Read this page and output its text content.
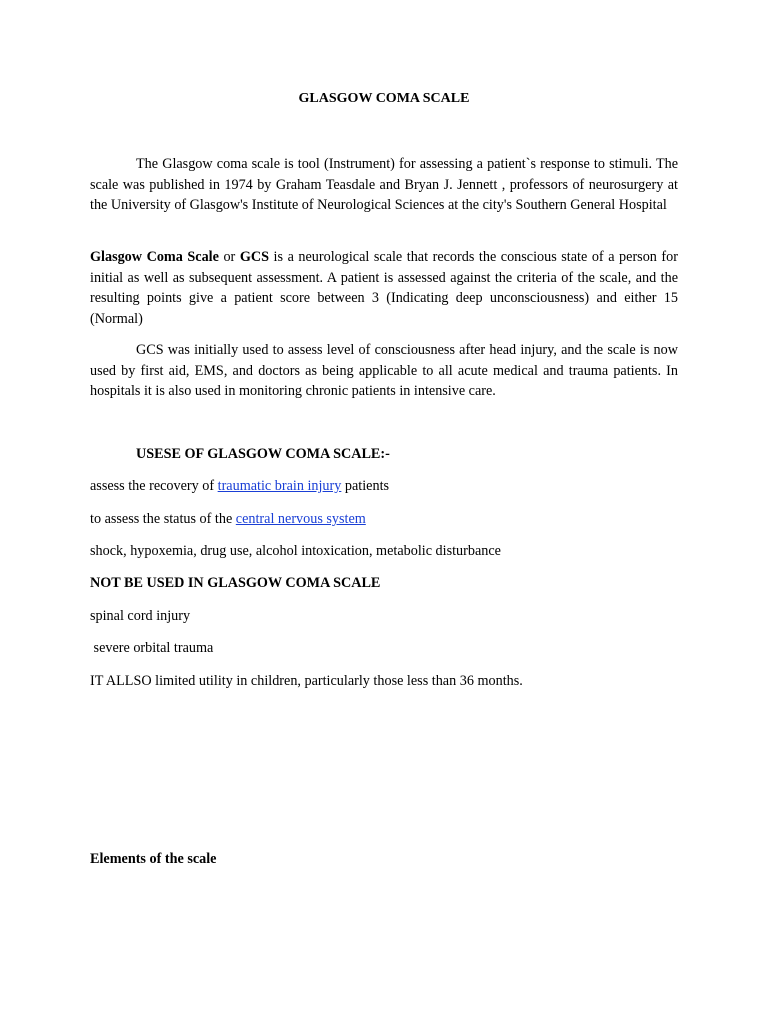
GLASGOW COMA SCALE

The Glasgow coma scale is tool (Instrument) for assessing a patient`s response to stimuli. The scale was published in 1974 by Graham Teasdale and Bryan J. Jennett , professors of neurosurgery at the University of Glasgow's Institute of Neurological Sciences at the city's Southern General Hospital

Glasgow Coma Scale or GCS is a neurological scale that records the conscious state of a person for initial as well as subsequent assessment. A patient is assessed against the criteria of the scale, and the resulting points give a patient score between 3 (Indicating deep unconsciousness) and either 15 (Normal)

GCS was initially used to assess level of consciousness after head injury, and the scale is now used by first aid, EMS, and doctors as being applicable to all acute medical and trauma patients. In hospitals it is also used in monitoring chronic patients in intensive care.

USESE OF GLASGOW COMA SCALE:-

assess the recovery of traumatic brain injury patients

to assess the status of the central nervous system

shock, hypoxemia, drug use, alcohol intoxication, metabolic disturbance

NOT BE USED IN GLASGOW COMA SCALE

spinal cord injury

severe orbital trauma

IT ALLSO limited utility in children, particularly those less than 36 months.

Elements of the scale
